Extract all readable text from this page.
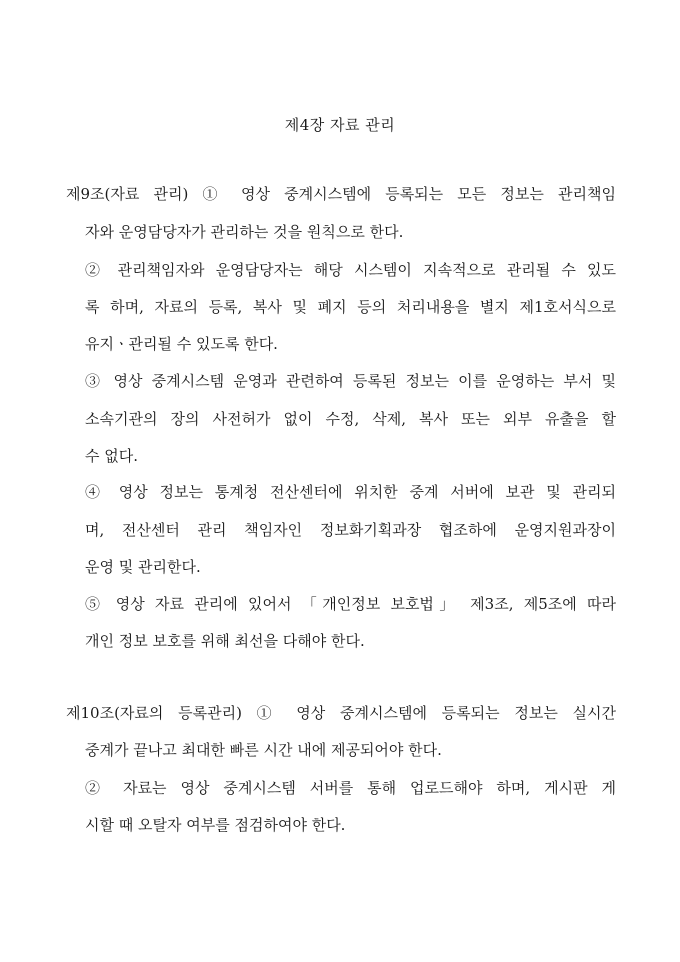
제4장 자료 관리
제9조(자료 관리) ① 영상 중계시스템에 등록되는 모든 정보는 관리책임
자와 운영담당자가 관리하는 것을 원칙으로 한다.
② 관리책임자와 운영담당자는 해당 시스템이 지속적으로 관리될 수 있도
록 하며, 자료의 등록, 복사 및 폐지 등의 처리내용을 별지 제1호서식으로
유지ㆍ관리될 수 있도록 한다.
③ 영상 중계시스템 운영과 관련하여 등록된 정보는 이를 운영하는 부서 및
소속기관의 장의 사전허가 없이 수정, 삭제, 복사 또는 외부 유출을 할
수 없다.
④ 영상 정보는 통계청 전산센터에 위치한 중계 서버에 보관 및 관리되
며, 전산센터 관리 책임자인 정보화기획과장 협조하에 운영지원과장이
운영 및 관리한다.
⑤ 영상 자료 관리에 있어서 「개인정보 보호법」 제3조, 제5조에 따라
개인 정보 보호를 위해 최선을 다해야 한다.
제10조(자료의 등록관리) ① 영상 중계시스템에 등록되는 정보는 실시간
중계가 끝나고 최대한 빠른 시간 내에 제공되어야 한다.
② 자료는 영상 중계시스템 서버를 통해 업로드해야 하며, 게시판 게
시할 때 오탈자 여부를 점검하여야 한다.
